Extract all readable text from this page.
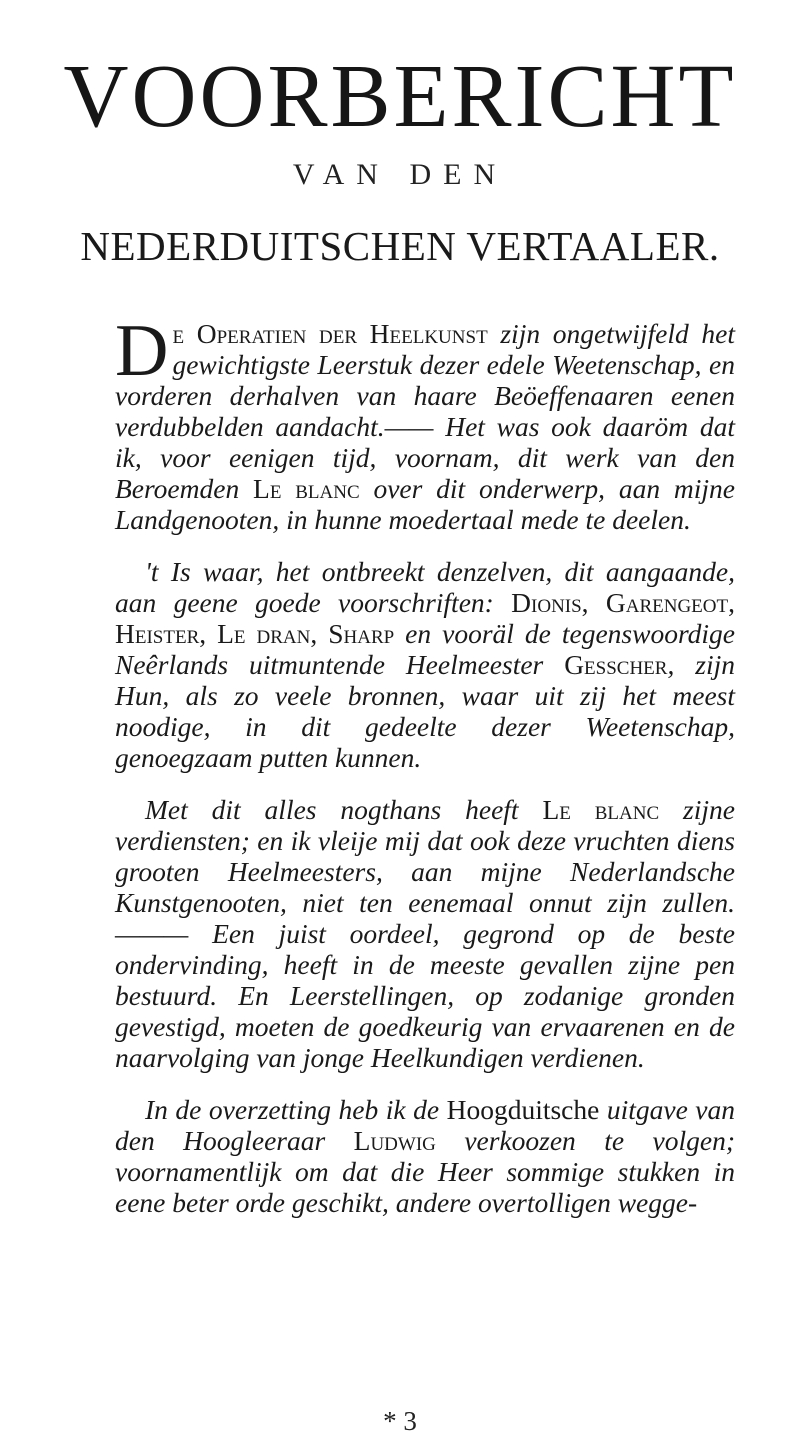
VOORBERICHT
VAN DEN
NEDERDUITSCHEN VERTAALER.

De Operatien der Heelkunst zijn ongetwijfeld het gewichtigste Leerstuk dezer edele Weetenschap, en vorderen derhalven van haare Beöeffenaaren eenen verdubbelden aandacht.—— Het was ook daaröm dat ik, voor eenigen tijd, voornam, dit werk van den Beroemden Le blanc over dit onderwerp, aan mijne Landgenooten, in hunne moedertaal mede te deelen.

't Is waar, het ontbreekt denzelven, dit aangaande, aan geene goede voorschriften: Dionis, Garengeot, Heister, Le dran, Sharp en vooräl de tegenswoordige Neêrlands uitmuntende Heelmeester Gesscher, zijn Hun, als zo veele bronnen, waar uit zij het meest noodige, in dit gedeelte dezer Weetenschap, genoegzaam putten kunnen.

Met dit alles nogthans heeft Le blanc zijne verdiensten; en ik vleije mij dat ook deze vruchten diens grooten Heelmeesters, aan mijne Nederlandsche Kunstgenooten, niet ten eenemaal onnut zijn zullen. ——— Een juist oordeel, gegrond op de beste ondervinding, heeft in de meeste gevallen zijne pen bestuurd. En Leerstellingen, op zodanige gronden gevestigd, moeten de goedkeurig van ervaarenen en de naarvolging van jonge Heelkundigen verdienen.

In de overzetting heb ik de Hoogduitsche uitgave van den Hoogleeraar Ludwig verkoozen te volgen; voornamentlijk om dat die Heer sommige stukken in eene beter orde geschikt, andere overtolligen wegge-

* 3
